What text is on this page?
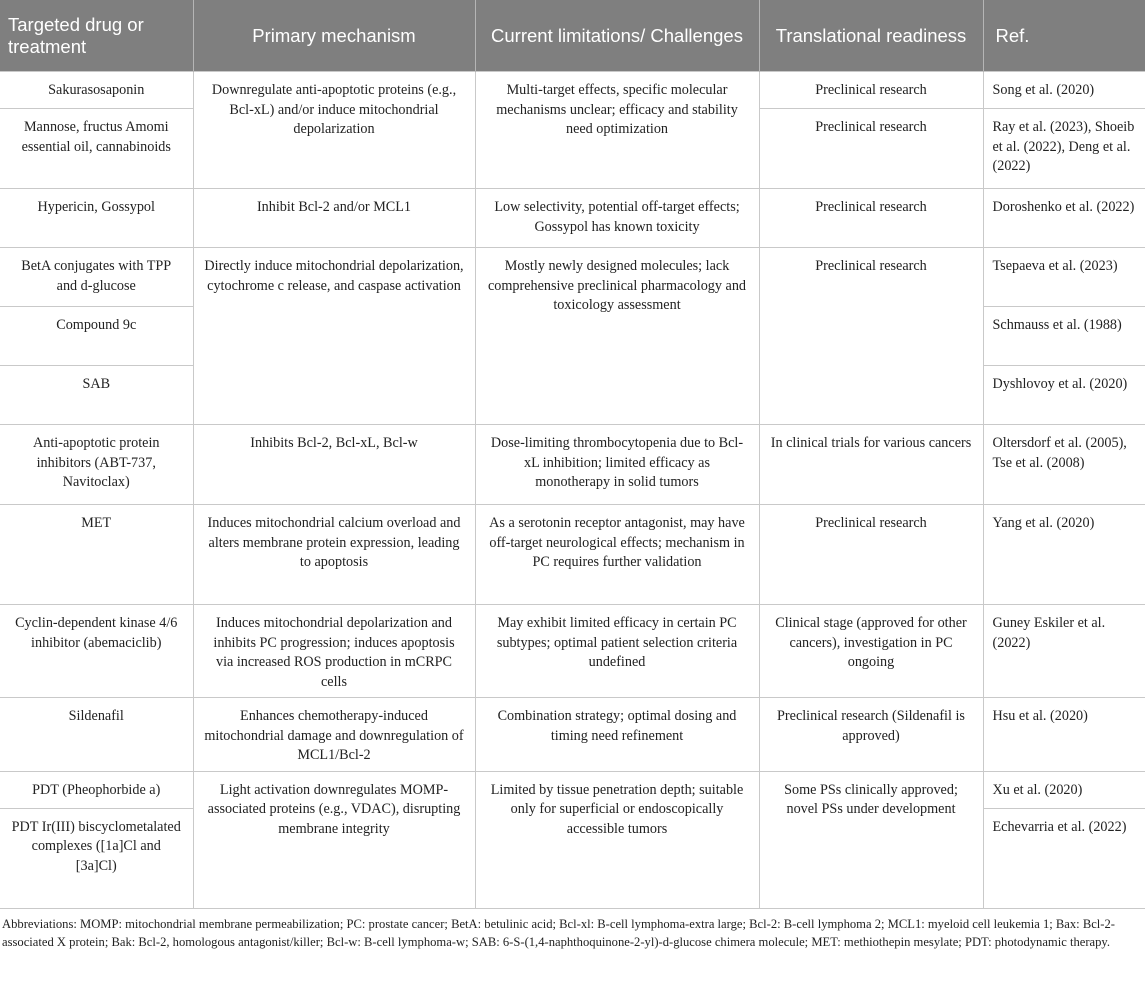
Targeted drug or treatment	Primary mechanism	Current limitations/ Challenges	Translational readiness	Ref.
Sakurasosaponin	Downregulate anti-apoptotic proteins (e.g., Bcl-xL) and/or induce mitochondrial depolarization	Multi-target effects, specific molecular mechanisms unclear; efficacy and stability need optimization	Preclinical research	Song et al. (2020)
Mannose, fructus Amomi essential oil, cannabinoids			Preclinical research	Ray et al. (2023), Shoeib et al. (2022), Deng et al. (2022)
Hypericin, Gossypol	Inhibit Bcl-2 and/or MCL1	Low selectivity, potential off-target effects; Gossypol has known toxicity	Preclinical research	Doroshenko et al. (2022)
BetA conjugates with TPP and d-glucose	Directly induce mitochondrial depolarization, cytochrome c release, and caspase activation	Mostly newly designed molecules; lack comprehensive preclinical pharmacology and toxicology assessment	Preclinical research	Tsepaeva et al. (2023)
Compound 9c				Schmauss et al. (1988)
SAB				Dyshlovoy et al. (2020)
Anti-apoptotic protein inhibitors (ABT-737, Navitoclax)	Inhibits Bcl-2, Bcl-xL, Bcl-w	Dose-limiting thrombocytopenia due to Bcl-xL inhibition; limited efficacy as monotherapy in solid tumors	In clinical trials for various cancers	Oltersdorf et al. (2005), Tse et al. (2008)
MET	Induces mitochondrial calcium overload and alters membrane protein expression, leading to apoptosis	As a serotonin receptor antagonist, may have off-target neurological effects; mechanism in PC requires further validation	Preclinical research	Yang et al. (2020)
Cyclin-dependent kinase 4/6 inhibitor (abemaciclib)	Induces mitochondrial depolarization and inhibits PC progression; induces apoptosis via increased ROS production in mCRPC cells	May exhibit limited efficacy in certain PC subtypes; optimal patient selection criteria undefined	Clinical stage (approved for other cancers), investigation in PC ongoing	Guney Eskiler et al. (2022)
Sildenafil	Enhances chemotherapy-induced mitochondrial damage and downregulation of MCL1/Bcl-2	Combination strategy; optimal dosing and timing need refinement	Preclinical research (Sildenafil is approved)	Hsu et al. (2020)
PDT (Pheophorbide a)	Light activation downregulates MOMP-associated proteins (e.g., VDAC), disrupting membrane integrity	Limited by tissue penetration depth; suitable only for superficial or endoscopically accessible tumors	Some PSs clinically approved; novel PSs under development	Xu et al. (2020)
PDT Ir(III) biscyclometalated complexes ([1a]Cl and [3a]Cl)				Echevarria et al. (2022)
Abbreviations: MOMP: mitochondrial membrane permeabilization; PC: prostate cancer; BetA: betulinic acid; Bcl-xl: B-cell lymphoma-extra large; Bcl-2: B-cell lymphoma 2; MCL1: myeloid cell leukemia 1; Bax: Bcl-2-associated X protein; Bak: Bcl-2, homologous antagonist/killer; Bcl-w: B-cell lymphoma-w; SAB: 6-S-(1,4-naphthoquinone-2-yl)-d-glucose chimera molecule; MET: methiothepin mesylate; PDT: photodynamic therapy.
